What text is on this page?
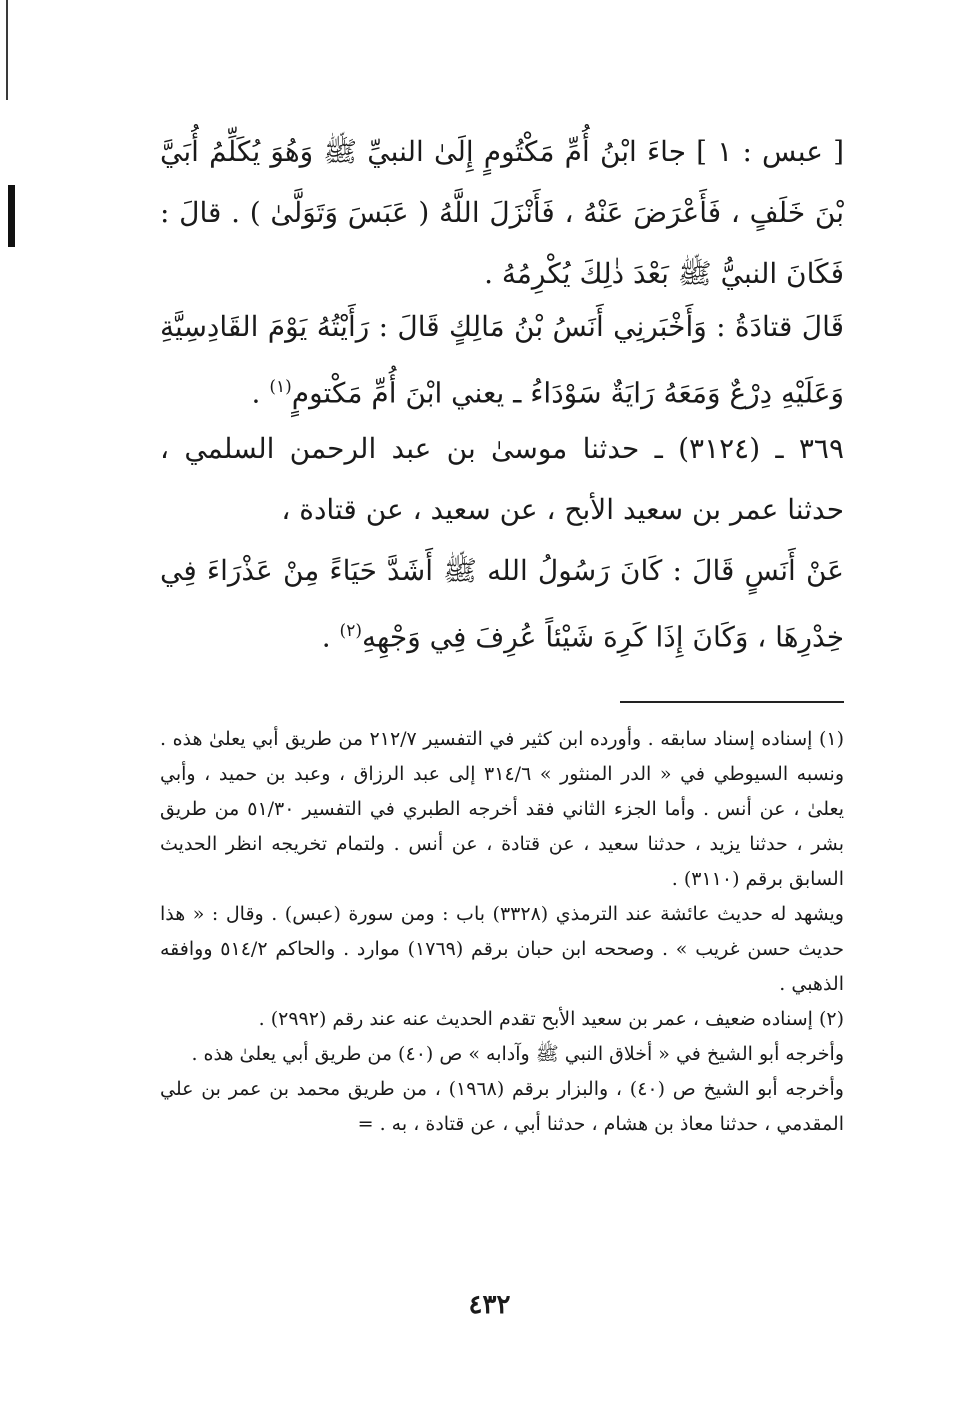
[ عبس : ١ ] جاءَ ابْنُ أُمِّ مَكْتُومٍ إِلَىٰ النبيِّ ﷺ وَهُوَ يُكَلِّمُ أُبَيَّ بْنَ خَلَفٍ ، فَأَعْرَضَ عَنْهُ ، فَأَنْزَلَ اللَّهُ ( عَبَسَ وَتَوَلَّىٰ ) . قالَ : فَكَانَ النبيُّ ﷺ بَعْدَ ذٰلِكَ يُكْرِمُهُ .

قَالَ قتادَةُ : وَأَخْبَرنِي أَنَسُ بْنُ مَالِكٍ قَالَ : رَأَيْتُهُ يَوْمَ القَادِسِيَّةِ وَعَلَيْهِ دِرْعٌ وَمَعَهُ رَايَةٌ سَوْدَاءُ ـ يعني ابْنَ أُمِّ مَكْتومٍ$^{(١)}$ .

٣٦٩ ـ (٣١٢٤) ـ حدثنا موسىٰ بن عبد الرحمن السلمي ، حدثنا عمر بن سعيد الأبح ، عن سعيد ، عن قتادة ،

عَنْ أَنَسٍ قَالَ : كَانَ رَسُولُ الله ﷺ أَشَدَّ حَيَاءً مِنْ عَذْرَاءَ فِي خِدْرِهَا ، وَكَانَ إِذَا كَرِهَ شَيْئاً عُرِفَ فِي وَجْهِهِ$^{(٢)}$ .

(١) إسناده إسناد سابقه . وأورده ابن كثير في التفسير ٢١٢/٧ من طريق أبي يعلىٰ هذه . ونسبه السيوطي في « الدر المنثور » ٣١٤/٦ إلى عبد الرزاق ، وعبد بن حميد ، وأبي يعلىٰ ، عن أنس . وأما الجزء الثاني فقد أخرجه الطبري في التفسير ٥١/٣٠ من طريق بشر ، حدثنا يزيد ، حدثنا سعيد ، عن قتادة ، عن أنس . ولتمام تخريجه انظر الحديث السابق برقم (٣١١٠) .

ويشهد له حديث عائشة عند الترمذي (٣٣٢٨) باب : ومن سورة (عبس) . وقال : « هذا حديث حسن غريب » . وصححه ابن حبان برقم (١٧٦٩) موارد . والحاكم ٥١٤/٢ ووافقه الذهبي .

(٢) إسناده ضعيف ، عمر بن سعيد الأبح تقدم الحديث عنه عند رقم (٢٩٩٢) .

وأخرجه أبو الشيخ في « أخلاق النبي ﷺ وآدابه » ص (٤٠) من طريق أبي يعلىٰ هذه .

وأخرجه أبو الشيخ ص (٤٠) ، والبزار برقم (١٩٦٨) ، من طريق محمد بن عمر بن علي المقدمي ، حدثنا معاذ بن هشام ، حدثنا أبي ، عن قتادة ، به . =

٤٣٢
